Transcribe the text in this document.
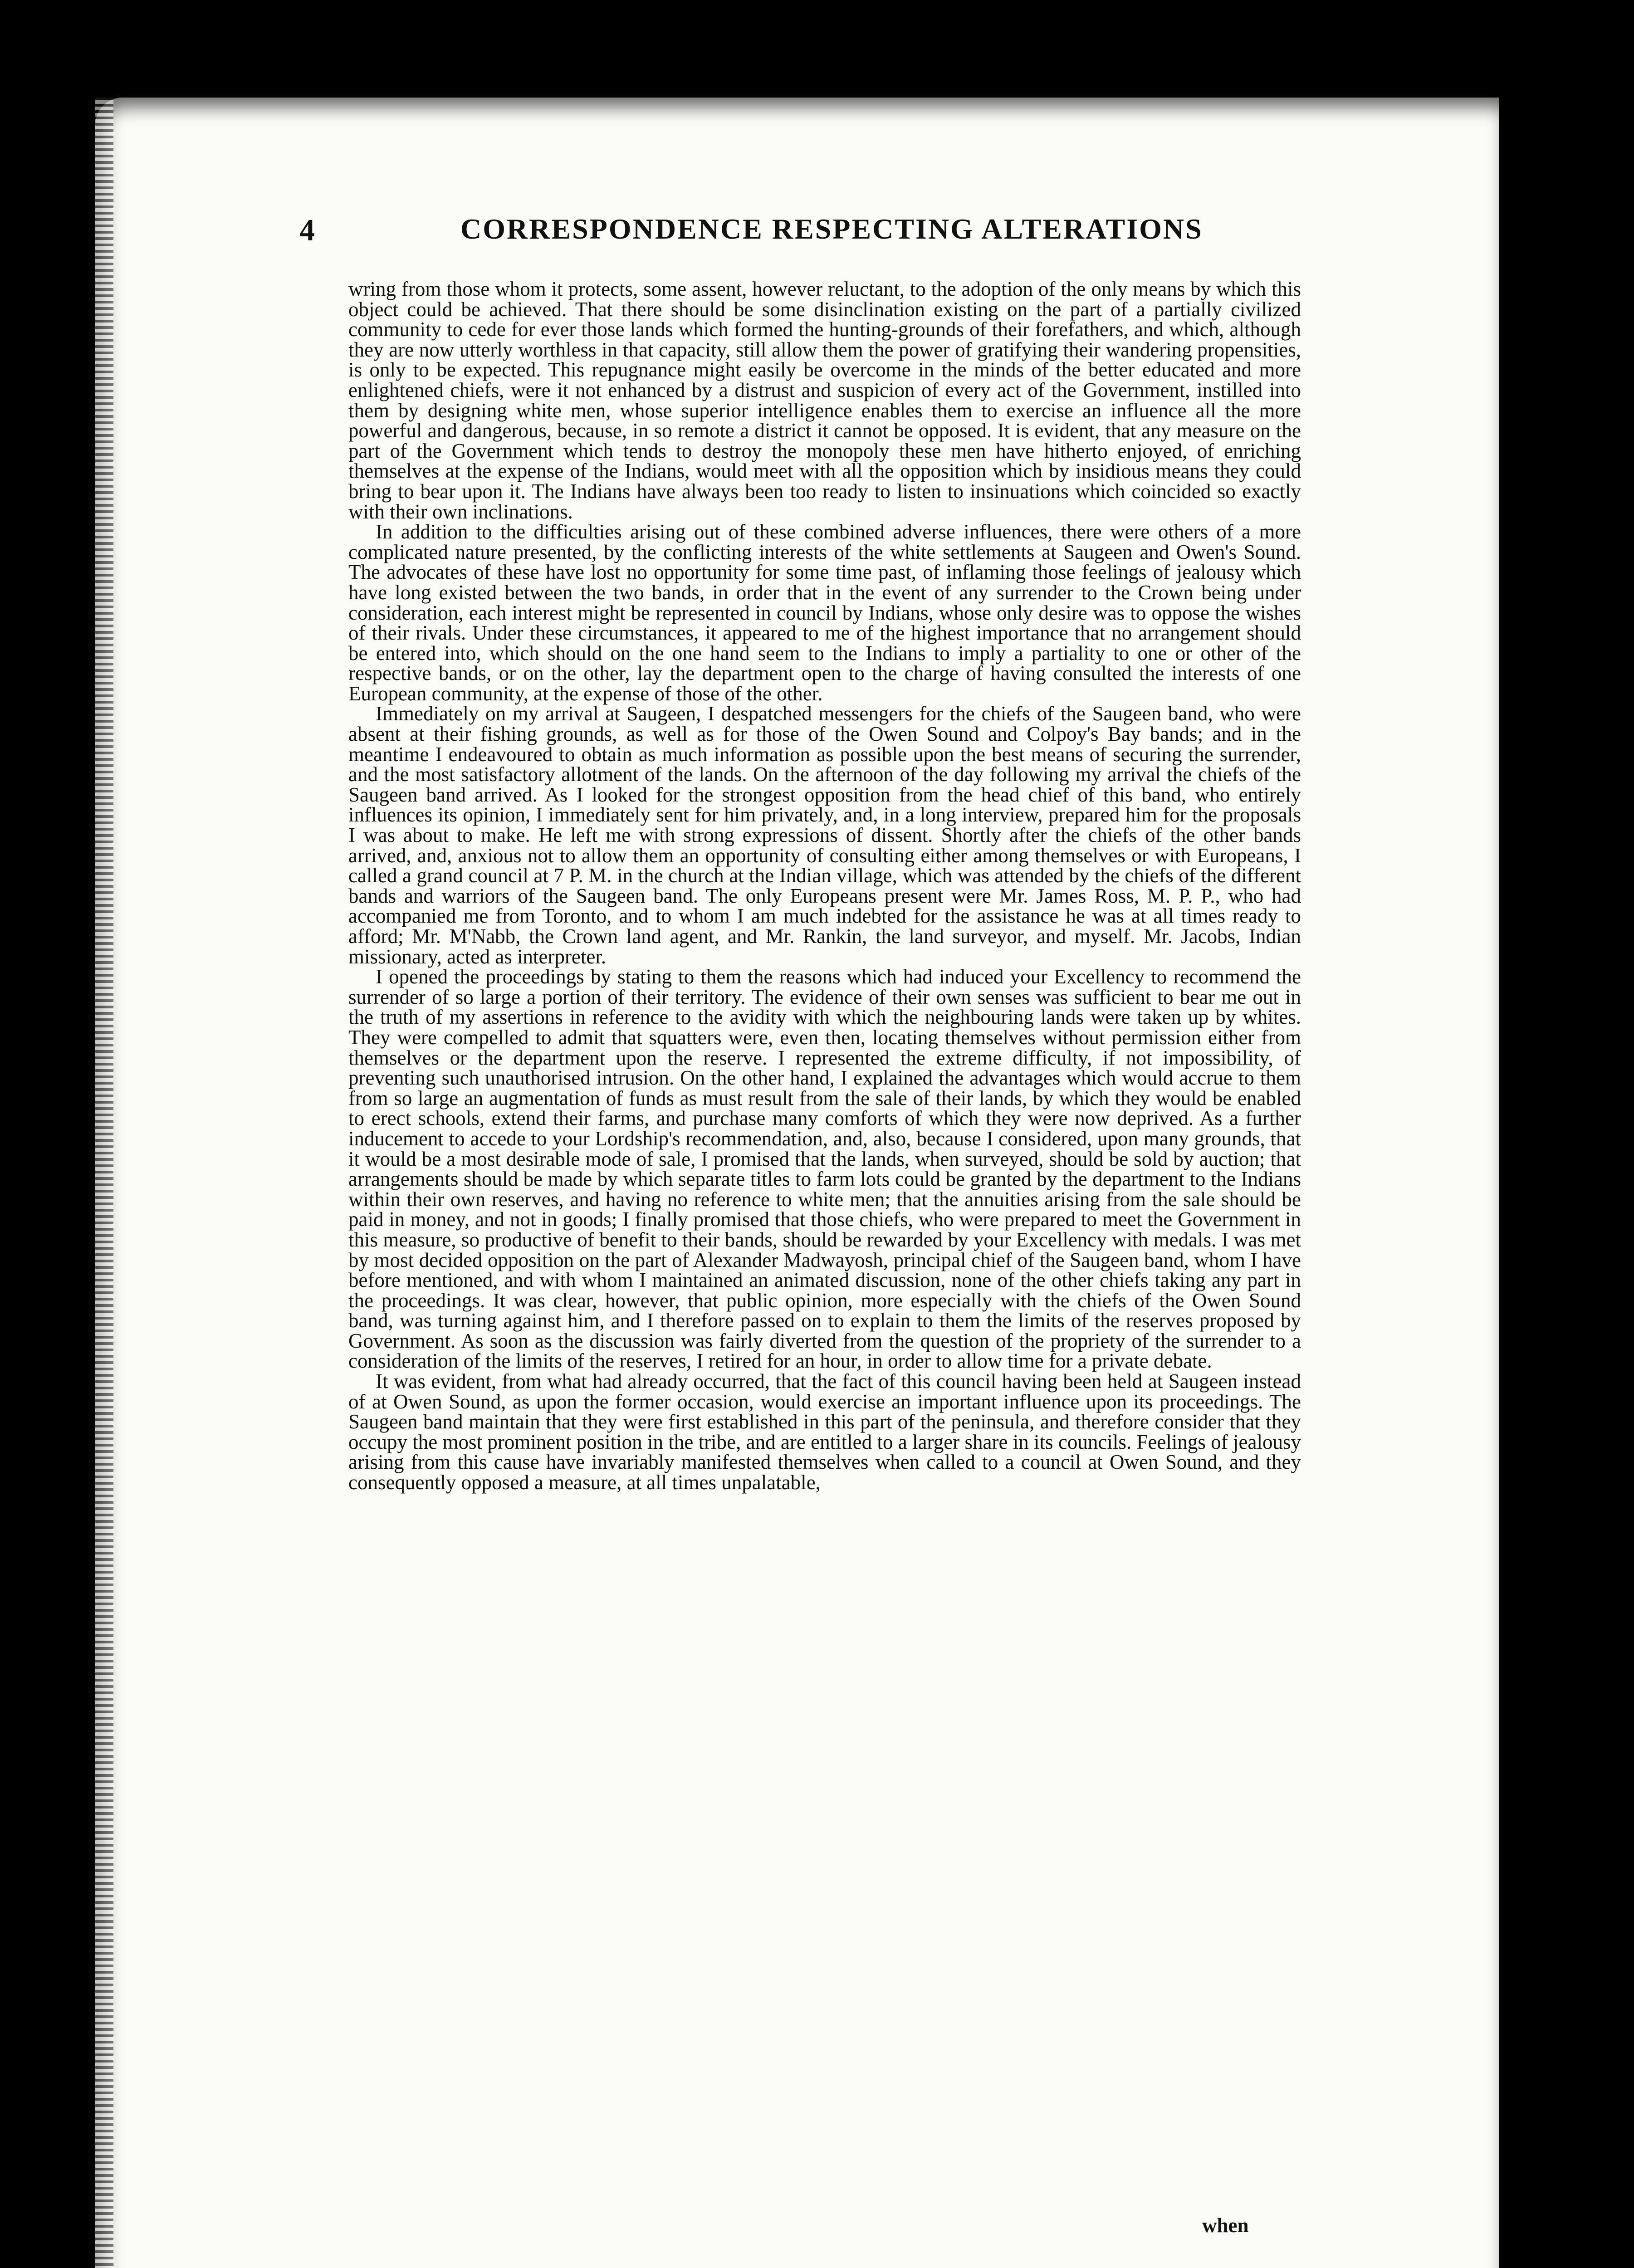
4	CORRESPONDENCE RESPECTING ALTERATIONS

wring from those whom it protects, some assent, however reluctant, to the adoption of the only means by which this object could be achieved. That there should be some disinclination existing on the part of a partially civilized community to cede for ever those lands which formed the hunting-grounds of their forefathers, and which, although they are now utterly worthless in that capacity, still allow them the power of gratifying their wandering propensities, is only to be expected. This repugnance might easily be overcome in the minds of the better educated and more enlightened chiefs, were it not enhanced by a distrust and suspicion of every act of the Government, instilled into them by designing white men, whose superior intelligence enables them to exercise an influence all the more powerful and dangerous, because, in so remote a district it cannot be opposed. It is evident, that any measure on the part of the Government which tends to destroy the monopoly these men have hitherto enjoyed, of enriching themselves at the expense of the Indians, would meet with all the opposition which by insidious means they could bring to bear upon it. The Indians have always been too ready to listen to insinuations which coincided so exactly with their own inclinations.

In addition to the difficulties arising out of these combined adverse influences, there were others of a more complicated nature presented, by the conflicting interests of the white settlements at Saugeen and Owen's Sound. The advocates of these have lost no opportunity for some time past, of inflaming those feelings of jealousy which have long existed between the two bands, in order that in the event of any surrender to the Crown being under consideration, each interest might be represented in council by Indians, whose only desire was to oppose the wishes of their rivals. Under these circumstances, it appeared to me of the highest importance that no arrangement should be entered into, which should on the one hand seem to the Indians to imply a partiality to one or other of the respective bands, or on the other, lay the department open to the charge of having consulted the interests of one European community, at the expense of those of the other.

Immediately on my arrival at Saugeen, I despatched messengers for the chiefs of the Saugeen band, who were absent at their fishing grounds, as well as for those of the Owen Sound and Colpoy's Bay bands; and in the meantime I endeavoured to obtain as much information as possible upon the best means of securing the surrender, and the most satisfactory allotment of the lands. On the afternoon of the day following my arrival the chiefs of the Saugeen band arrived. As I looked for the strongest opposition from the head chief of this band, who entirely influences its opinion, I immediately sent for him privately, and, in a long interview, prepared him for the proposals I was about to make. He left me with strong expressions of dissent. Shortly after the chiefs of the other bands arrived, and, anxious not to allow them an opportunity of consulting either among themselves or with Europeans, I called a grand council at 7 P. M. in the church at the Indian village, which was attended by the chiefs of the different bands and warriors of the Saugeen band. The only Europeans present were Mr. James Ross, M. P. P., who had accompanied me from Toronto, and to whom I am much indebted for the assistance he was at all times ready to afford; Mr. M'Nabb, the Crown land agent, and Mr. Rankin, the land surveyor, and myself. Mr. Jacobs, Indian missionary, acted as interpreter.

I opened the proceedings by stating to them the reasons which had induced your Excellency to recommend the surrender of so large a portion of their territory. The evidence of their own senses was sufficient to bear me out in the truth of my assertions in reference to the avidity with which the neighbouring lands were taken up by whites. They were compelled to admit that squatters were, even then, locating themselves without permission either from themselves or the department upon the reserve. I represented the extreme difficulty, if not impossibility, of preventing such unauthorised intrusion. On the other hand, I explained the advantages which would accrue to them from so large an augmentation of funds as must result from the sale of their lands, by which they would be enabled to erect schools, extend their farms, and purchase many comforts of which they were now deprived. As a further inducement to accede to your Lordship's recommendation, and, also, because I considered, upon many grounds, that it would be a most desirable mode of sale, I promised that the lands, when surveyed, should be sold by auction; that arrangements should be made by which separate titles to farm lots could be granted by the department to the Indians within their own reserves, and having no reference to white men; that the annuities arising from the sale should be paid in money, and not in goods; I finally promised that those chiefs, who were prepared to meet the Government in this measure, so productive of benefit to their bands, should be rewarded by your Excellency with medals. I was met by most decided opposition on the part of Alexander Madwayosh, principal chief of the Saugeen band, whom I have before mentioned, and with whom I maintained an animated discussion, none of the other chiefs taking any part in the proceedings. It was clear, however, that public opinion, more especially with the chiefs of the Owen Sound band, was turning against him, and I therefore passed on to explain to them the limits of the reserves proposed by Government. As soon as the discussion was fairly diverted from the question of the propriety of the surrender to a consideration of the limits of the reserves, I retired for an hour, in order to allow time for a private debate.

It was evident, from what had already occurred, that the fact of this council having been held at Saugeen instead of at Owen Sound, as upon the former occasion, would exercise an important influence upon its proceedings. The Saugeen band maintain that they were first established in this part of the peninsula, and therefore consider that they occupy the most prominent position in the tribe, and are entitled to a larger share in its councils. Feelings of jealousy arising from this cause have invariably manifested themselves when called to a council at Owen Sound, and they consequently opposed a measure, at all times unpalatable,

when
